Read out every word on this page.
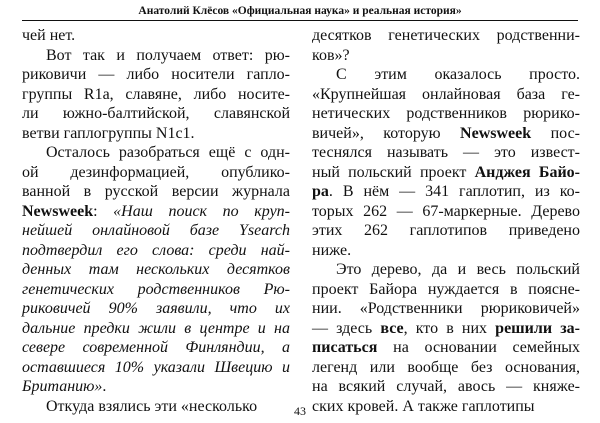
Анатолий Клёсов «Официальная наука» и реальная история»
чей нет.
Вот так и получаем ответ: рю-
риковичи — либо носители гапло-
группы R1a, славяне, либо носите-
ли южно-балтийской, славянской
ветви гаплогруппы N1c1.
Осталось разобраться ещё с одн-
ой дезинформацией, опублико-
ванной в русской версии журнала
Newsweek: «Наш поиск по круп-
нейшей онлайновой базе Ysearch
подтвердил его слова: среди най-
денных там нескольких десятков
генетических родственников Рю-
риковичей 90% заявили, что их
дальние предки жили в центре и на
севере современной Финляндии, а
оставшиеся 10% указали Швецию и
Британию».
Откуда взялись эти «несколько
десятков генетических родственни-
ков»?
С этим оказалось просто.
«Крупнейшая онлайновая база ге-
нетических родственников рюрико-
вичей», которую Newsweek пос-
теснялся называть — это извест-
ный польский проект Анджея Байо-
ра. В нём — 341 гаплотип, из ко-
торых 262 — 67-маркерные. Дерево
этих 262 гаплотипов приведено
ниже.
Это дерево, да и весь польский
проект Байора нуждается в поясне-
нии. «Родственники рюриковичей»
— здесь все, кто в них решили за-
писаться на основании семейных
легенд или вообще без основания,
на всякий случай, авось — княже-
ских кровей. А также гаплотипы
43
